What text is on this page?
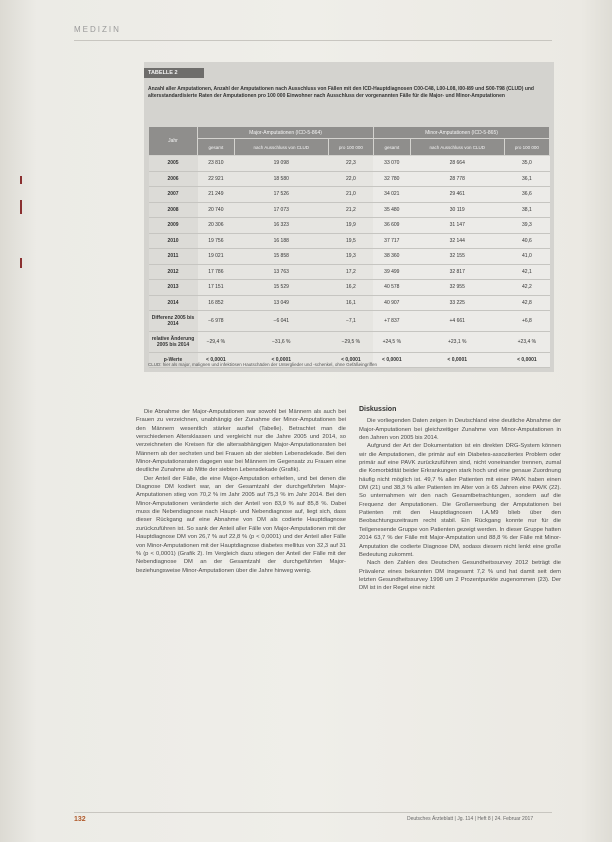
MEDIZIN
TABELLE 2
Anzahl aller Amputationen, Anzahl der Amputationen nach Ausschluss von Fällen mit den ICD-Hauptdiagnosen C00-C48, L00-L08, I00-I89 und S00-T98 (CLUD) und altersstandardisierte Raten der Amputationen pro 100 000 Einwohner nach Ausschluss der vorgenannten Fälle für die Major- und Minor-Amputationen
Jahr	Major-Amputationen (ICD-5-864)			Minor-Amputationen (ICD-5-865)		
	gesamt	nach Ausschluss von CLUD	pro 100 000	gesamt	nach Ausschluss von CLUD	pro 100 000
2005	23 810	19 098	22,3	33 070	28 664	35,0
2006	22 921	18 580	22,0	32 780	28 778	36,1
2007	21 249	17 526	21,0	34 021	29 461	36,6
2008	20 740	17 073	21,2	35 480	30 119	38,1
2009	20 306	16 323	19,9	36 609	31 147	39,3
2010	19 756	16 188	19,5	37 717	32 144	40,6
2011	19 021	15 858	19,3	38 360	32 155	41,0
2012	17 786	13 763	17,2	39 499	32 817	42,1
2013	17 151	15 529	16,2	40 578	32 955	42,2
2014	16 852	13 049	16,1	40 907	33 225	42,8
Differenz 2005 bis 2014	−6 978	−6 041	−7,1	+7 837	+4 661	+6,8
relative Änderung 2005 bis 2014	−29,4 %	−31,6 %	−29,5 %	+24,5 %	+23,1 %	+23,4 %
p-Werte	< 0,0001	< 0,0001	< 0,0001	< 0,0001	< 0,0001	< 0,0001
CLUD: hier als major, malignen und infektiösen Hautschäden der Unterglieder und -schenkel, ohne Gefäßeingriffen

Die Abnahme der Major-Amputationen war sowohl bei Männern als auch bei Frauen zu verzeichnen, unabhängig der Zunahme der Minor-Amputationen bei den Männern wesentlich stärker ausfiel (Tabelle). Betrachtet man die verschiedenen Altersklassen und vergleicht nur die Jahre 2005 und 2014, so verzeichneten die Kreisen für die altersabhängigen Major-Amputationsraten bei Männern ab der sechsten und bei Frauen ab der siebten Lebensdekade. Bei den Minor-Amputationsraten dagegen war bei Männern im Gegensatz zu Frauen eine deutliche Zunahme ab Mitte der siebten Lebensdekade (Grafik).

Der Anteil der Fälle, die eine Major-Amputation erhielten, und bei denen die Diagnose DM kodiert war, an der Gesamtzahl der durchgeführten Major-Amputationen stieg von 70,2 % im Jahr 2005 auf 75,3 % im Jahr 2014. Bei den Minor-Amputationen veränderte sich der Anteil von 83,9 % auf 85,8 %. Dabei muss die Nebendiagnose nach Haupt- und Nebendiagnose auf, liegt sich, dass dieser Rückgang auf eine Abnahme von DM als codierte Hauptdiagnose zurückzuführen ist. So sank der Anteil aller Fälle von Major-Amputationen mit der Hauptdiagnose DM von 26,7 % auf 22,8 % (p < 0,0001) und der Anteil aller Fälle von Minor-Amputationen mit der Hauptdiagnose diabetes mellitus von 32,3 auf 31 % (p < 0,0001) (Grafik 2). Im Vergleich dazu stiegen der Anteil der Fälle mit der Nebendiagnose DM an der Gesamtzahl der durchgeführten Major- beziehungsweise Minor-Amputationen über die Jahre hinweg wenig.

Diskussion

Die vorliegenden Daten zeigen in Deutschland eine deutliche Abnahme der Major-Amputationen bei gleichzeitiger Zunahme von Minor-Amputationen in den Jahren von 2005 bis 2014.

Aufgrund der Art der Dokumentation ist ein direkten DRG-System können wir die Amputationen, die primär auf ein Diabetes-assoziiertes Problem oder primär auf eine PAVK zurückzuführen sind, nicht voneinander trennen, zumal die Komorbidität beider Erkrankungen stark hoch und eine genaue Zuordnung häufig nicht möglich ist. 49,7 % aller Patienten mit einer PAVK haben einen DM (21) und 38,3 % aller Patienten im Alter von ≥ 65 Jahren eine PAVK (22). So unternahmen wir den nach Gesamtbetrachtungen, sondern auf die Frequenz der Amputationen. Die Großerwerbung der Amputationen bei Patienten mit den Hauptdiagnosen I.A.M9 blieb über den Beobachtungszeitraum recht stabil. Ein Rückgang konnte nur für die Teilgenesende Gruppe von Patienten gezeigt werden. In dieser Gruppe hatten 2014 63,7 % der Fälle mit Major-Amputation und 88,8 % der Fälle mit Minor-Amputation die codierte Diagnose DM, sodass diesem nicht lenkt eine große Bedeutung zukommt.

Nach den Zahlen des Deutschen Gesundheitssurvey 2012 beträgt die Prävalenz eines bekannten DM insgesamt 7,2 % und hat damit seit dem letzten Gesundheitssurvey 1998 um 2 Prozentpunkte zugenommen (23). Der DM ist in der Regel eine nicht

132	Deutsches Ärzteblatt | Jg. 114 | Heft 8 | 24. Februar 2017
